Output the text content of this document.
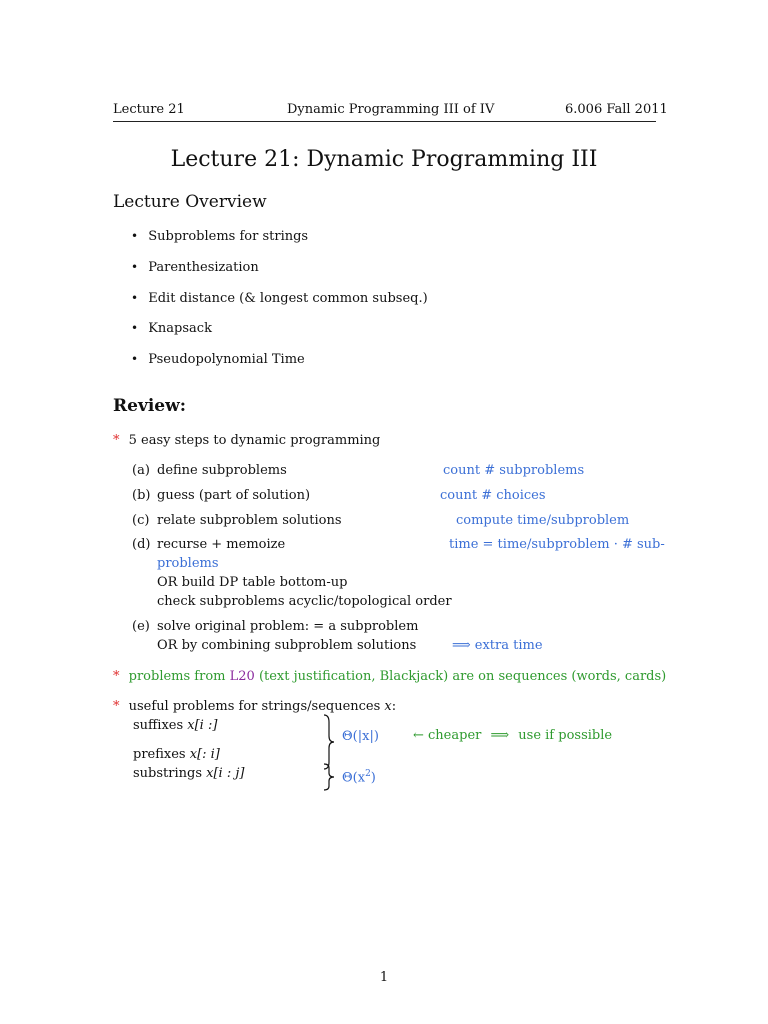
Lecture 21	Dynamic Programming III of IV	6.006 Fall 2011
Lecture 21: Dynamic Programming III
Lecture Overview
• Subproblems for strings
• Parenthesization
• Edit distance (& longest common subseq.)
• Knapsack
• Pseudopolynomial Time
Review:
* 5 easy steps to dynamic programming
(a) define subproblems	count # subproblems
(b) guess (part of solution)	count # choices
(c) relate subproblem solutions	compute time/subproblem
(d) recurse + memoize	time = time/subproblem · # sub-
problems
OR build DP table bottom-up
check subproblems acyclic/topological order
(e) solve original problem: = a subproblem
OR by combining subproblem solutions	⟹ extra time
* problems from L20 (text justification, Blackjack) are on sequences (words, cards)
* useful problems for strings/sequences x:
suffixes x[i :]
prefixes x[: i]
substrings x[i : j]
Θ(|x|)	← cheaper ⟹ use if possible
$\Theta(x^2)$
1
